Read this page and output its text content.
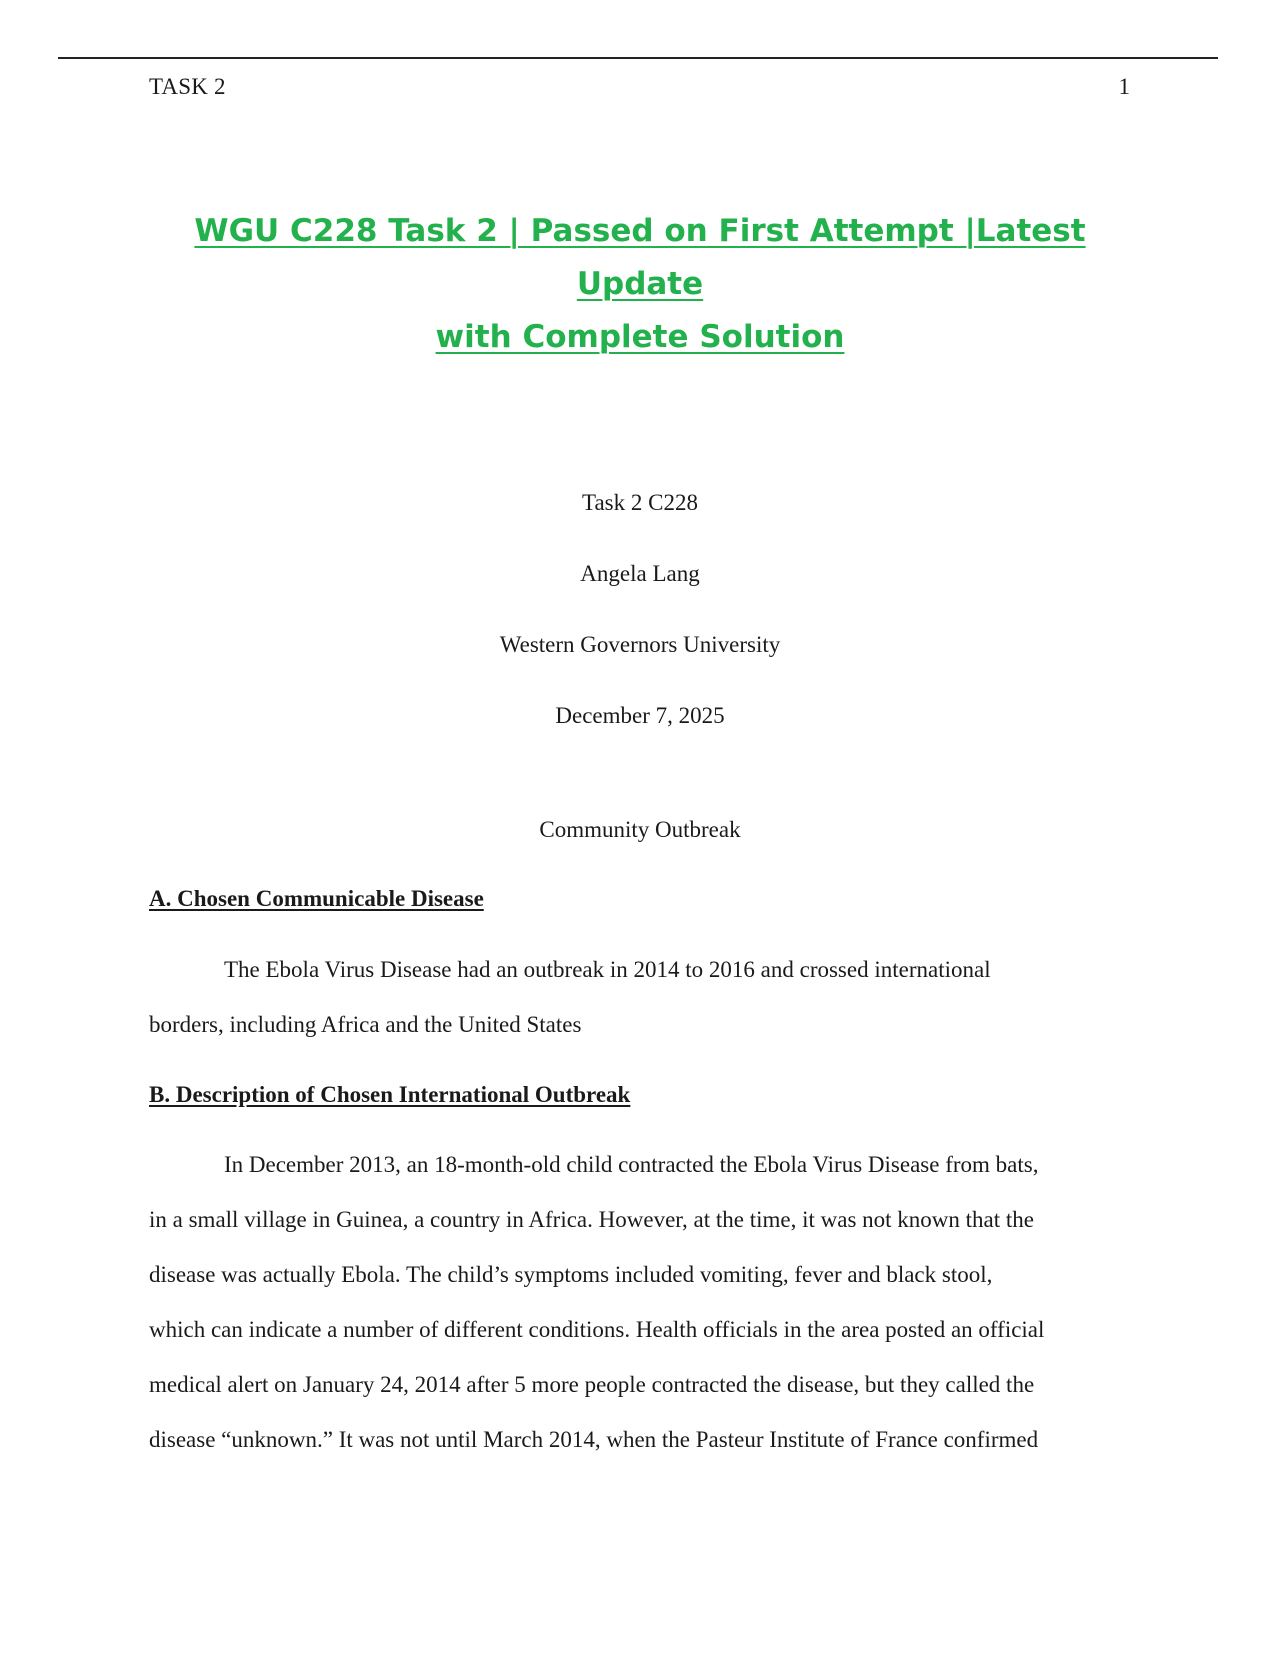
TASK 2	1
WGU C228 Task 2 | Passed on First Attempt |Latest Update
with Complete Solution
Task 2 C228
Angela Lang
Western Governors University
December 7, 2025
Community Outbreak
A. Chosen Communicable Disease
The Ebola Virus Disease had an outbreak in 2014 to 2016 and crossed international
borders, including Africa and the United States
B. Description of Chosen International Outbreak
In December 2013, an 18-month-old child contracted the Ebola Virus Disease from bats,
in a small village in Guinea, a country in Africa. However, at the time, it was not known that the
disease was actually Ebola. The child’s symptoms included vomiting, fever and black stool,
which can indicate a number of different conditions. Health officials in the area posted an official
medical alert on January 24, 2014 after 5 more people contracted the disease, but they called the
disease “unknown.” It was not until March 2014, when the Pasteur Institute of France confirmed
